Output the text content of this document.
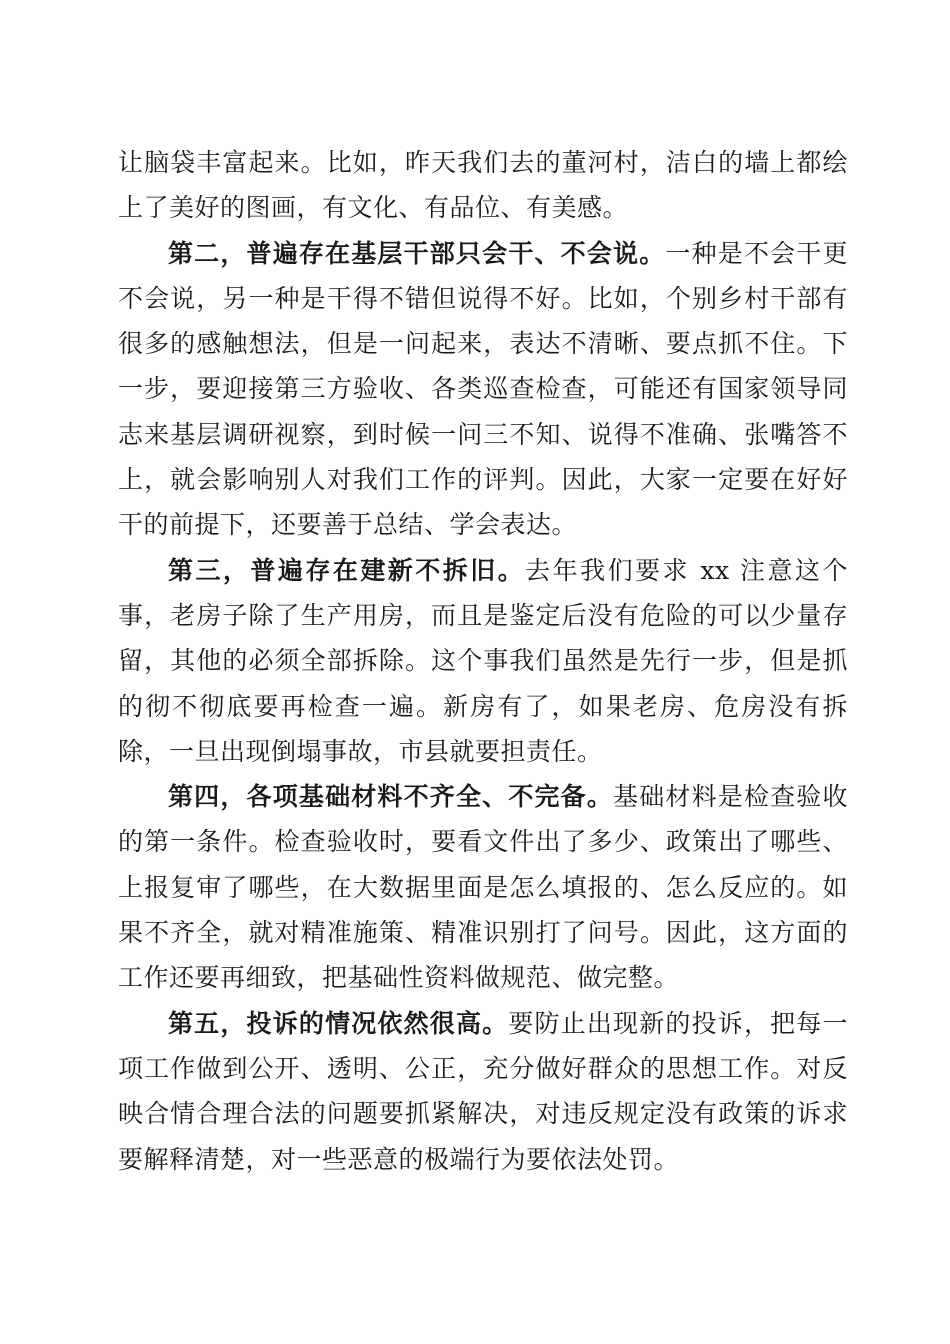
让脑袋丰富起来。比如，昨天我们去的董河村，洁白的墙上都绘上了美好的图画，有文化、有品位、有美感。

第二，普遍存在基层干部只会干、不会说。一种是不会干更不会说，另一种是干得不错但说得不好。比如，个别乡村干部有很多的感触想法，但是一问起来，表达不清晰、要点抓不住。下一步，要迎接第三方验收、各类巡查检查，可能还有国家领导同志来基层调研视察，到时候一问三不知、说得不准确、张嘴答不上，就会影响别人对我们工作的评判。因此，大家一定要在好好干的前提下，还要善于总结、学会表达。

第三，普遍存在建新不拆旧。去年我们要求 xx 注意这个事，老房子除了生产用房，而且是鉴定后没有危险的可以少量存留，其他的必须全部拆除。这个事我们虽然是先行一步，但是抓的彻不彻底要再检查一遍。新房有了，如果老房、危房没有拆除，一旦出现倒塌事故，市县就要担责任。

第四，各项基础材料不齐全、不完备。基础材料是检查验收的第一条件。检查验收时，要看文件出了多少、政策出了哪些、上报复审了哪些，在大数据里面是怎么填报的、怎么反应的。如果不齐全，就对精准施策、精准识别打了问号。因此，这方面的工作还要再细致，把基础性资料做规范、做完整。

第五，投诉的情况依然很高。要防止出现新的投诉，把每一项工作做到公开、透明、公正，充分做好群众的思想工作。对反映合情合理合法的问题要抓紧解决，对违反规定没有政策的诉求要解释清楚，对一些恶意的极端行为要依法处罚。
